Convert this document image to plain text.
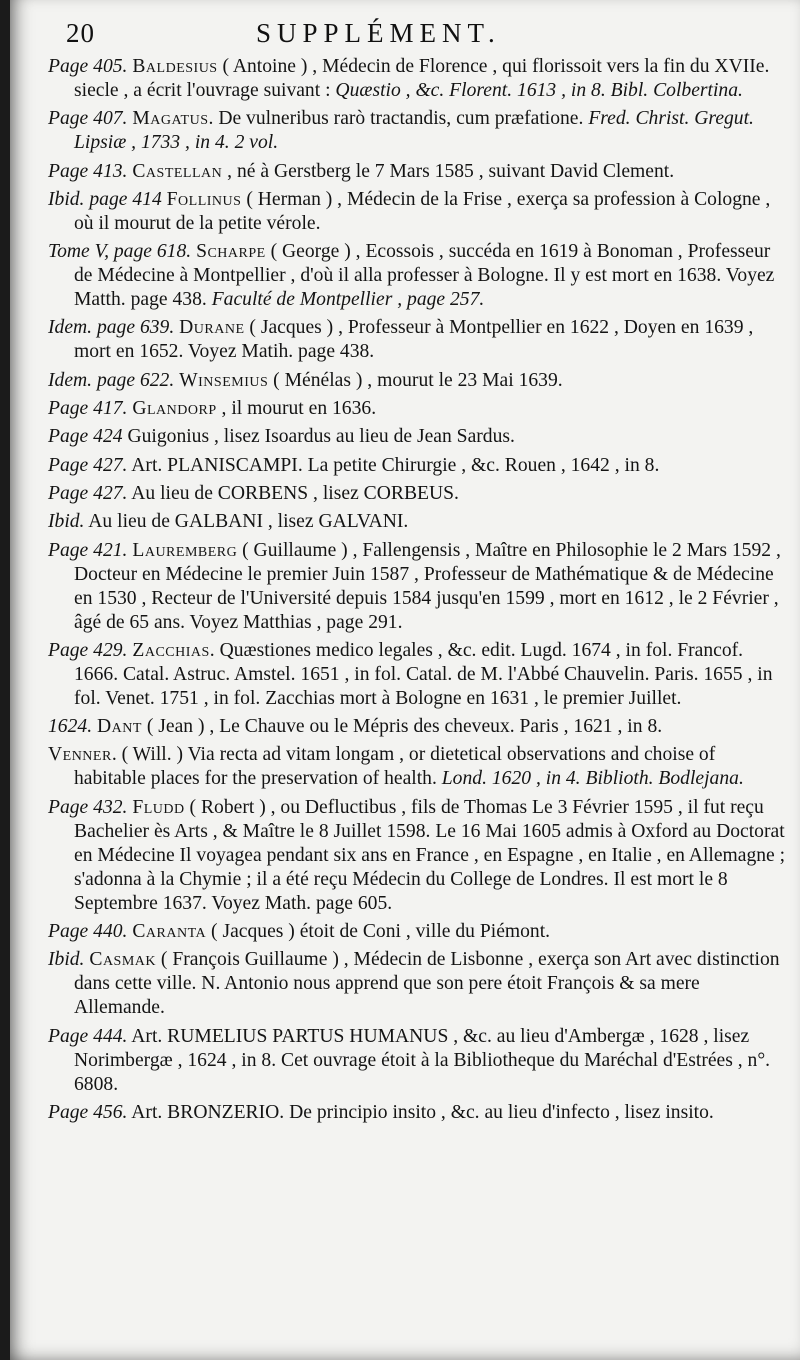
20	SUPPLÉMENT.

Page 405. Baldesius ( Antoine ) , Médecin de Florence , qui florissoit vers la fin du XVIIe. siecle , a écrit l'ouvrage suivant : Quæstio , &c. Florent. 1613 , in 8. Bibl. Colbertina.

Page 407. Magatus. De vulneribus rarò tractandis, cum præfatione. Fred. Christ. Gregut. Lipsiæ , 1733 , in 4. 2 vol.

Page 413. Castellan , né à Gerstberg le 7 Mars 1585 , suivant David Clement.

Ibid. page 414 Follinus ( Herman ) , Médecin de la Frise , exerça sa profession à Cologne , où il mourut de la petite vérole.

Tome V, page 618. Scharpe ( George ) , Ecossois , succéda en 1619 à Bonoman , Professeur de Médecine à Montpellier , d'où il alla professer à Bologne. Il y est mort en 1638. Voyez Matth. page 438. Faculté de Montpellier , page 257.

Idem. page 639. Durane ( Jacques ) , Professeur à Montpellier en 1622 , Doyen en 1639 , mort en 1652. Voyez Matih. page 438.

Idem. page 622. Winsemius ( Ménélas ) , mourut le 23 Mai 1639.

Page 417. Glandorp , il mourut en 1636.

Page 424 Guigonius , lisez Isoardus au lieu de Jean Sardus.

Page 427. Art. PLANISCAMPI. La petite Chirurgie , &c. Rouen , 1642 , in 8.

Page 427. Au lieu de CORBENS , lisez CORBEUS.

Ibid. Au lieu de GALBANI , lisez GALVANI.

Page 421. Lauremberg ( Guillaume ) , Fallengensis , Maître en Philosophie le 2 Mars 1592 , Docteur en Médecine le premier Juin 1587 , Professeur de Mathématique & de Médecine en 1530 , Recteur de l'Université depuis 1584 jusqu'en 1599 , mort en 1612 , le 2 Février , âgé de 65 ans. Voyez Matthias , page 291.

Page 429. Zacchias. Quæstiones medico legales , &c. edit. Lugd. 1674 , in fol. Francof. 1666. Catal. Astruc. Amstel. 1651 , in fol. Catal. de M. l'Abbé Chauvelin. Paris. 1655 , in fol. Venet. 1751 , in fol. Zacchias mort à Bologne en 1631 , le premier Juillet.

1624. Dant ( Jean ) , Le Chauve ou le Mépris des cheveux. Paris , 1621 , in 8.

Venner. ( Will. ) Via recta ad vitam longam , or dietetical observations and choise of habitable places for the preservation of health. Lond. 1620 , in 4. Biblioth. Bodlejana.

Page 432. Fludd ( Robert ) , ou Defluctibus , fils de Thomas Le 3 Février 1595 , il fut reçu Bachelier ès Arts , & Maître le 8 Juillet 1598. Le 16 Mai 1605 admis à Oxford au Doctorat en Médecine Il voyagea pendant six ans en France , en Espagne , en Italie , en Allemagne ; s'adonna à la Chymie ; il a été reçu Médecin du College de Londres. Il est mort le 8 Septembre 1637. Voyez Math. page 605.

Page 440. Caranta ( Jacques ) étoit de Coni , ville du Piémont.

Ibid. Casmak ( François Guillaume ) , Médecin de Lisbonne , exerça son Art avec distinction dans cette ville. N. Antonio nous apprend que son pere étoit François & sa mere Allemande.

Page 444. Art. RUMELIUS PARTUS HUMANUS , &c. au lieu d'Ambergæ , 1628 , lisez Norimbergæ , 1624 , in 8. Cet ouvrage étoit à la Bibliotheque du Maréchal d'Estrées , n°. 6808.

Page 456. Art. BRONZERIO. De principio insito , &c. au lieu d'infecto , lisez insito.
